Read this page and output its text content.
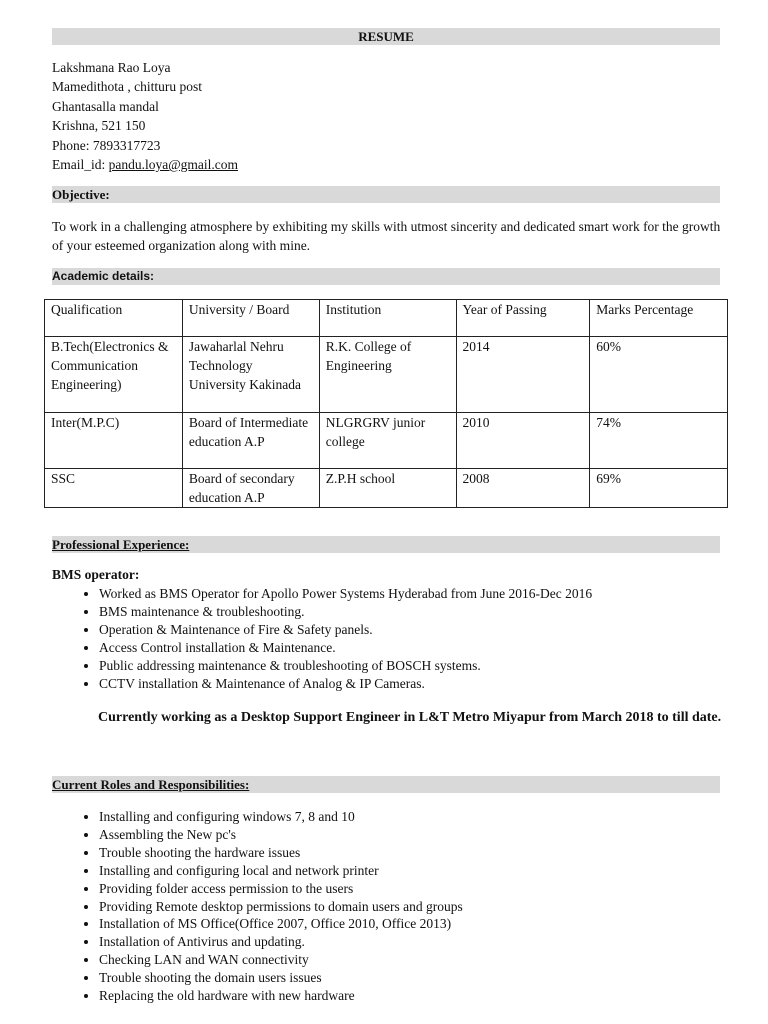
RESUME
Lakshmana Rao Loya
Mamedithota , chitturu post
Ghantasalla mandal
Krishna, 521 150
Phone: 7893317723
Email_id: pandu.loya@gmail.com
Objective:
To work in a challenging atmosphere by exhibiting my skills with utmost sincerity and dedicated smart work for the growth of your esteemed organization along with mine.
Academic details:
Qualification	University / Board	Institution	Year of Passing	Marks Percentage
B.Tech(Electronics & Communication Engineering)	Jawaharlal Nehru Technology University Kakinada	R.K. College of Engineering	2014	60%
Inter(M.P.C)	Board of Intermediate education A.P	NLGRGRV junior college	2010	74%
SSC	Board of secondary education A.P	Z.P.H school	2008	69%
Professional Experience:
BMS operator:
• Worked as BMS Operator for Apollo Power Systems Hyderabad from June 2016-Dec 2016
• BMS maintenance & troubleshooting.
• Operation & Maintenance of Fire & Safety panels.
• Access Control installation & Maintenance.
• Public addressing maintenance & troubleshooting of BOSCH systems.
• CCTV installation & Maintenance of Analog & IP Cameras.
Currently working as a Desktop Support Engineer in L&T Metro Miyapur from March 2018 to till date.
Current Roles and Responsibilities:
• Installing and configuring windows 7, 8 and 10
• Assembling the New pc's
• Trouble shooting the hardware issues
• Installing and configuring local and network printer
• Providing folder access permission to the users
• Providing Remote desktop permissions to domain users and groups
• Installation of MS Office(Office 2007, Office 2010, Office 2013)
• Installation of Antivirus and updating.
• Checking LAN and WAN connectivity
• Trouble shooting the domain users issues
• Replacing the old hardware with new hardware
